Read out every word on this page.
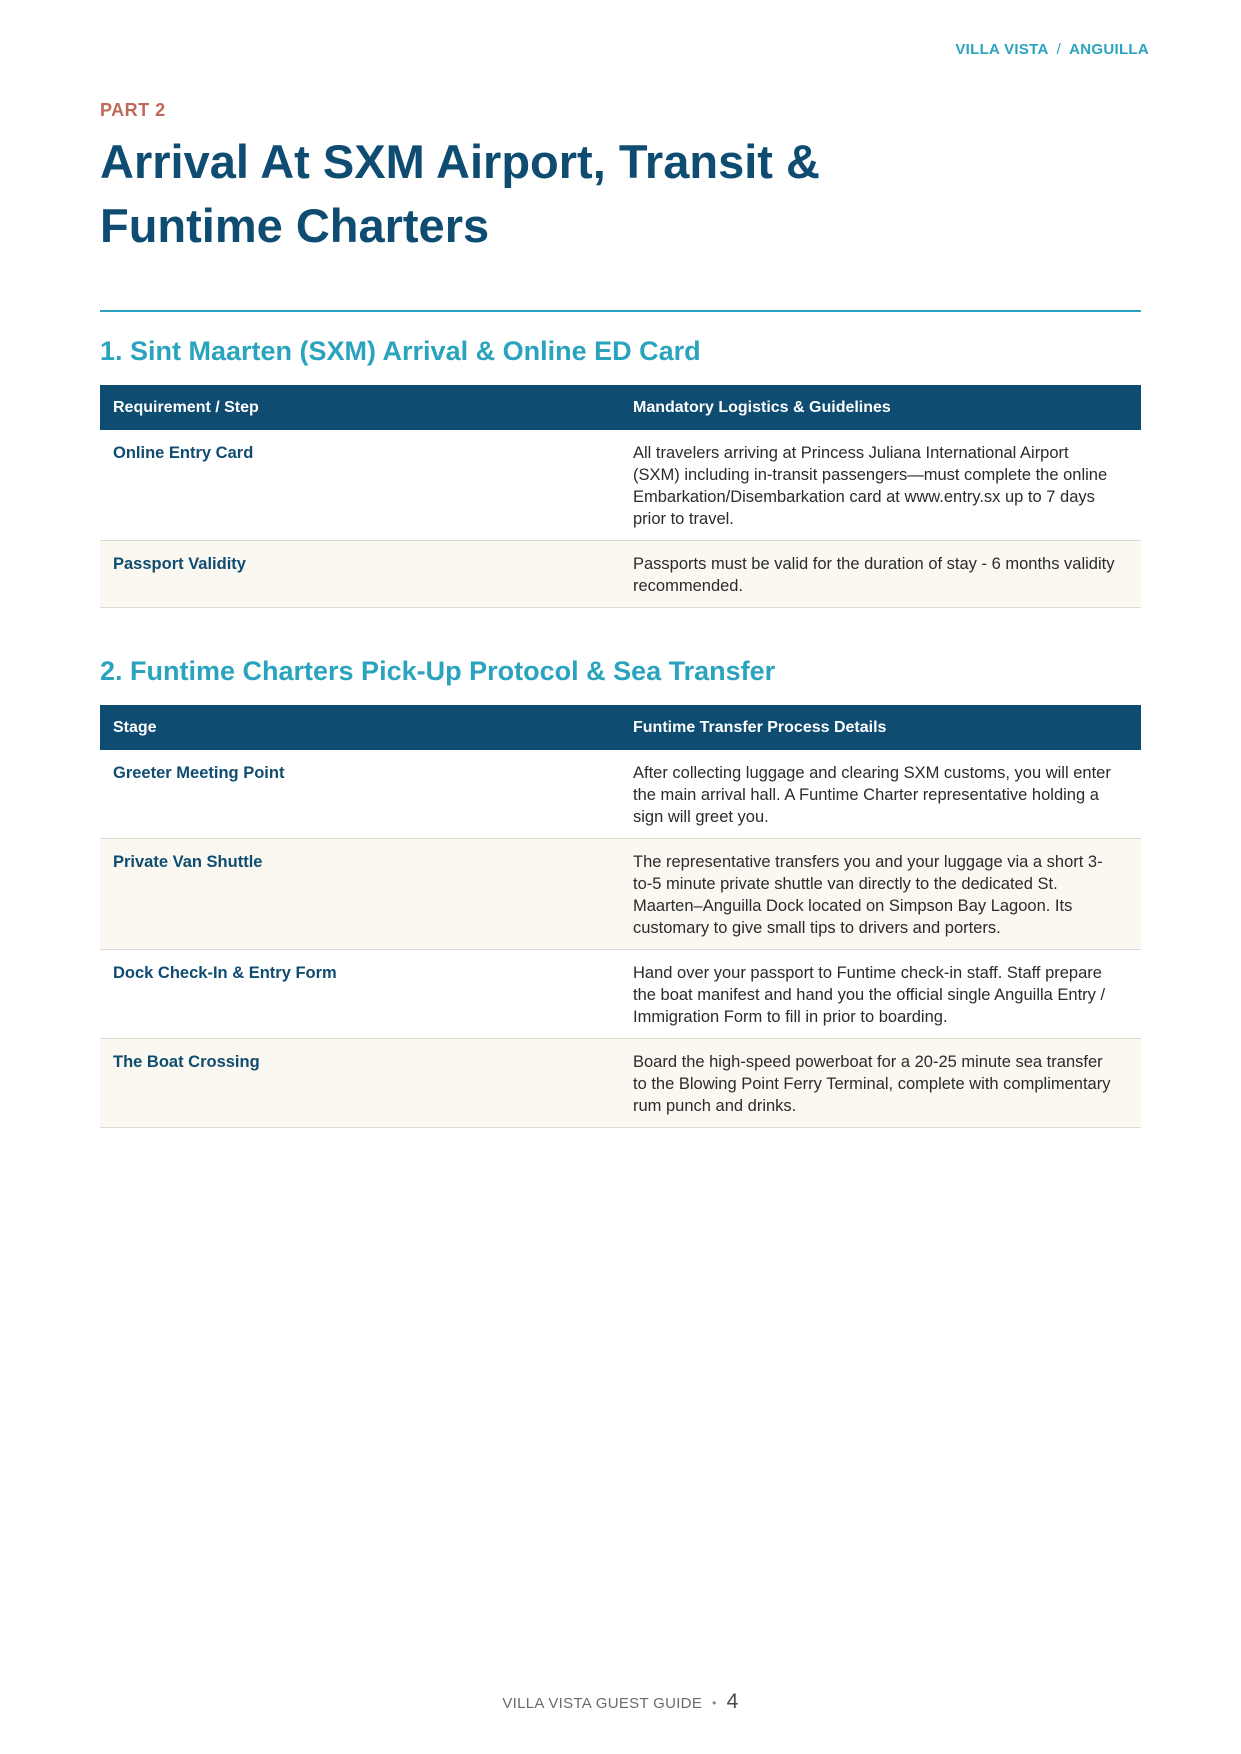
VILLA VISTA / ANGUILLA
PART 2
Arrival At SXM Airport, Transit & Funtime Charters
1. Sint Maarten (SXM) Arrival & Online ED Card
Requirement / Step	Mandatory Logistics & Guidelines
Online Entry Card	All travelers arriving at Princess Juliana International Airport (SXM) including in-transit passengers—must complete the online Embarkation/Disembarkation card at www.entry.sx up to 7 days prior to travel.
Passport Validity	Passports must be valid for the duration of stay - 6 months validity recommended.
2. Funtime Charters Pick-Up Protocol & Sea Transfer
Stage	Funtime Transfer Process Details
Greeter Meeting Point	After collecting luggage and clearing SXM customs, you will enter the main arrival hall. A Funtime Charter representative holding a sign will greet you.
Private Van Shuttle	The representative transfers you and your luggage via a short 3-to-5 minute private shuttle van directly to the dedicated St. Maarten–Anguilla Dock located on Simpson Bay Lagoon. Its customary to give small tips to drivers and porters.
Dock Check-In & Entry Form	Hand over your passport to Funtime check-in staff. Staff prepare the boat manifest and hand you the official single Anguilla Entry / Immigration Form to fill in prior to boarding.
The Boat Crossing	Board the high-speed powerboat for a 20-25 minute sea transfer to the Blowing Point Ferry Terminal, complete with complimentary rum punch and drinks.
VILLA VISTA GUEST GUIDE • 4
